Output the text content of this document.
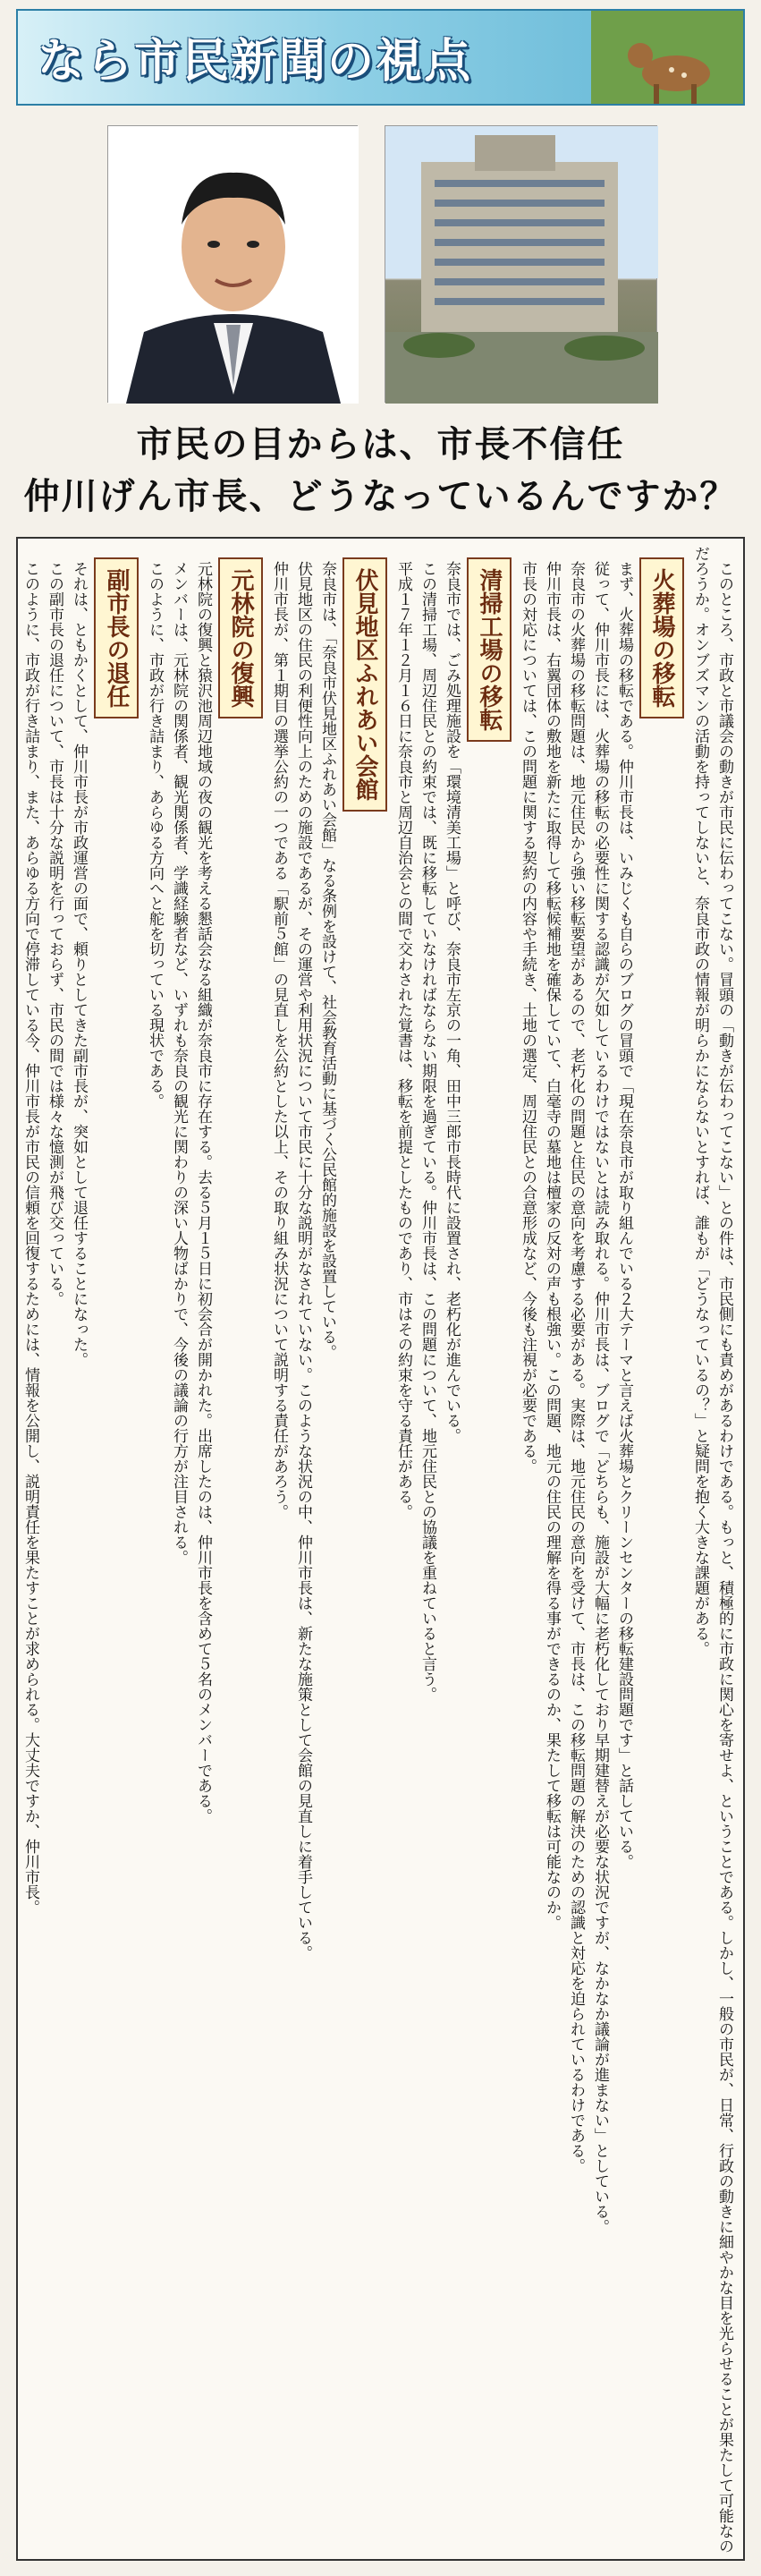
なら市民新聞の視点
市民の目からは、市長不信任
仲川げん市長、どうなっているんですか？

このところ、市政と市議会の動きが市民に伝わってこない。冒頭の「動きが伝わってこない」との件は、市民側にも責めがあるわけである。もっと、積極的に市政に関心を寄せよ、ということである。しかし、一般の市民が、日常、行政の動きに細やかな目を光らせることが果たして可能なのだろうか。オンブズマンの活動を持ってしないと、奈良市政の情報が明らかにならないとすれば、誰もが「どうなっているの？」と疑問を抱く大きな課題がある。

火葬場の移転

まず、火葬場の移転である。仲川市長は、いみじくも自らのブログの冒頭で「現在奈良市が取り組んでいる２大テーマと言えば火葬場とクリーンセンターの移転建設問題です」と話している。

従って、仲川市長には、火葬場の移転の必要性に関する認識が欠如しているわけではないとは読み取れる。仲川市長は、ブログで「どちらも、施設が大幅に老朽化しており早期建替えが必要な状況ですが、なかなか議論が進まない」としている。

奈良市の火葬場の移転問題は、地元住民から強い移転要望があるので、老朽化の問題と住民の意向を考慮する必要がある。実際は、地元住民の意向を受けて、市長は、この移転問題の解決のための認識と対応を迫られているわけである。

仲川市長は、右翼団体の敷地を新たに取得して移転候補地を確保していて、白毫寺の墓地は檀家の反対の声も根強い。この問題、地元の住民の理解を得る事ができるのか、果たして移転は可能なのか。

市長の対応については、この問題に関する契約の内容や手続き、土地の選定、周辺住民との合意形成など、今後も注視が必要である。

清掃工場の移転

奈良市では、ごみ処理施設を「環境清美工場」と呼び、奈良市左京の一角、田中三郎市長時代に設置され、老朽化が進んでいる。

この清掃工場、周辺住民との約束では、既に移転していなければならない期限を過ぎている。仲川市長は、この問題について、地元住民との協議を重ねていると言う。

平成１７年１２月１６日に奈良市と周辺自治会との間で交わされた覚書は、移転を前提としたものであり、市はその約束を守る責任がある。

伏見地区ふれあい会館

奈良市は、「奈良市伏見地区ふれあい会館」なる条例を設けて、社会教育活動に基づく公民館的施設を設置している。

伏見地区の住民の利便性向上のための施設であるが、その運営や利用状況について市民に十分な説明がなされていない。このような状況の中、仲川市長は、新たな施策として会館の見直しに着手している。

仲川市長が、第１期目の選挙公約の一つである「駅前５館」の見直しを公約とした以上、その取り組み状況について説明する責任があろう。

元林院の復興

元林院の復興と猿沢池周辺地域の夜の観光を考える懇話会なる組織が奈良市に存在する。去る５月１５日に初会合が開かれた。出席したのは、仲川市長を含めて５名のメンバーである。

メンバーは、元林院の関係者、観光関係者、学識経験者など、いずれも奈良の観光に関わりの深い人物ばかりで、今後の議論の行方が注目される。

このように、市政が行き詰まり、あらゆる方向へと舵を切っている現状である。

副市長の退任

それは、ともかくとして、仲川市長が市政運営の面で、頼りとしてきた副市長が、突如として退任することになった。

この副市長の退任について、市長は十分な説明を行っておらず、市民の間では様々な憶測が飛び交っている。

このように、市政が行き詰まり、また、あらゆる方向で停滞している今、仲川市長が市民の信頼を回復するためには、情報を公開し、説明責任を果たすことが求められる。大丈夫ですか、仲川市長。
